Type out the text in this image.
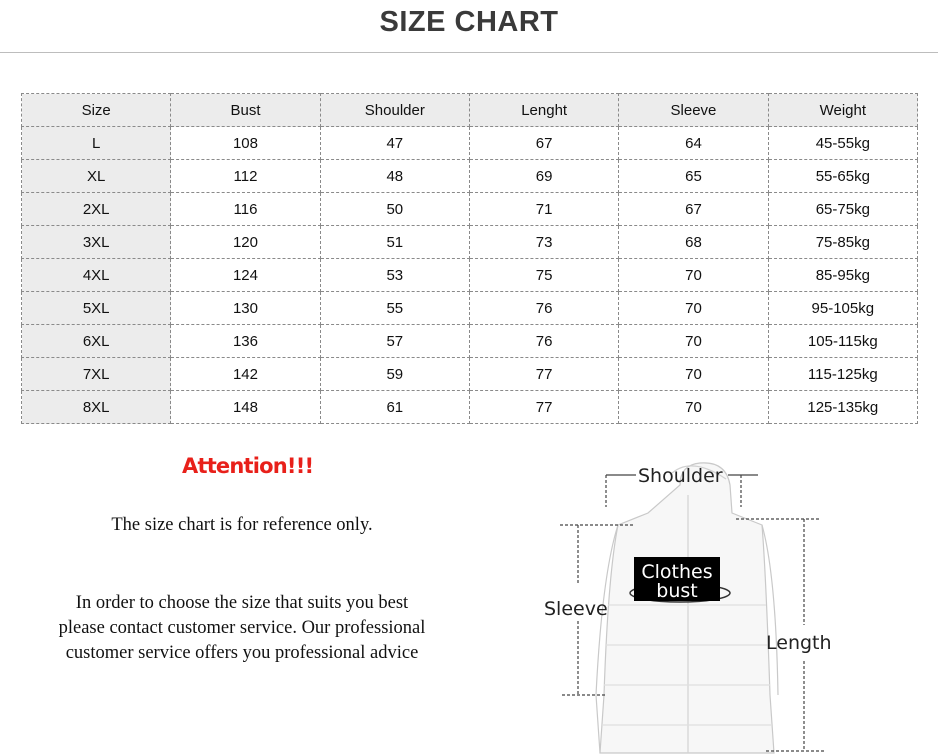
SIZE CHART
Size	Bust	Shoulder	Lenght	Sleeve	Weight
L	108	47	67	64	45-55kg
XL	112	48	69	65	55-65kg
2XL	116	50	71	67	65-75kg
3XL	120	51	73	68	75-85kg
4XL	124	53	75	70	85-95kg
5XL	130	55	76	70	95-105kg
6XL	136	57	76	70	105-115kg
7XL	142	59	77	70	115-125kg
8XL	148	61	77	70	125-135kg
Attention!!!
The size chart is for reference only.
In order to choose the size that suits you best
please contact customer service. Our professional
customer service offers you professional advice
Shoulder
Sleeve
Length
Clothes
bust
